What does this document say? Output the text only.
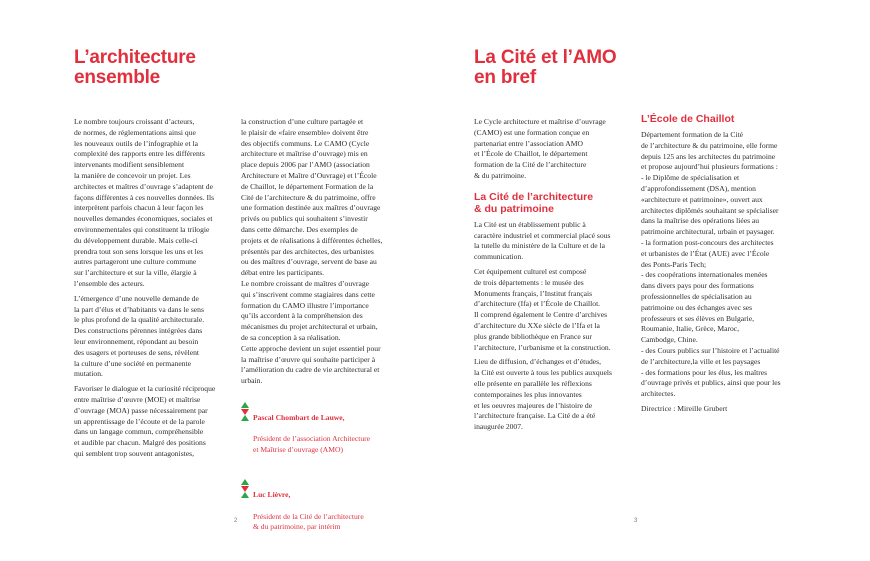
L’architecture
ensemble

Le nombre toujours croissant d’acteurs,
de normes, de réglementations ainsi que
les nouveaux outils de l’infographie et la
complexité des rapports entre les différents
intervenants modifient sensiblement
la manière de concevoir un projet. Les
architectes et maîtres d’ouvrage s’adaptent de
façons différentes à ces nouvelles données. Ils
interprètent parfois chacun à leur façon les
nouvelles demandes économiques, sociales et
environnementales qui constituent la trilogie
du développement durable. Mais celle-ci
prendra tout son sens lorsque les uns et les
autres partageront une culture commune
sur l’architecture et sur la ville, élargie à
l’ensemble des acteurs.

L’émergence d’une nouvelle demande de
la part d’élus et d’habitants va dans le sens
le plus profond de la qualité architecturale.
Des constructions pérennes intégrées dans
leur environnement, répondant au besoin
des usagers et porteuses de sens, révèlent
la culture d’une société en permanente
mutation.

Favoriser le dialogue et la curiosité réciproque
entre maîtrise d’œuvre (MOE) et maîtrise
d’ouvrage (MOA) passe nécessairement par
un apprentissage de l’écoute et de la parole
dans un langage commun, compréhensible
et audible par chacun. Malgré des positions
qui semblent trop souvent antagonistes,

la construction d’une culture partagée et
le plaisir de «faire ensemble» doivent être
des objectifs communs. Le CAMO (Cycle
architecture et maîtrise d’ouvrage) mis en
place depuis 2006 par l’AMO (association
Architecture et Maître d’Ouvrage) et l’École
de Chaillot, le département Formation de la
Cité de l’architecture & du patrimoine, offre
une formation destinée aux maîtres d’ouvrage
privés ou publics qui souhaitent s’investir
dans cette démarche. Des exemples de
projets et de réalisations à différentes échelles,
présentés par des architectes, des urbanistes
ou des maîtres d’ouvrage, servent de base au
débat entre les participants.
Le nombre croissant de maîtres d’ouvrage
qui s’inscrivent comme stagiaires dans cette
formation du CAMO illustre l’importance
qu’ils accordent à la compréhension des
mécanismes du projet architectural et urbain,
de sa conception à sa réalisation.
Cette approche devient un sujet essentiel pour
la maîtrise d’œuvre qui souhaite participer à
l’amélioration du cadre de vie architectural et
urbain.

Pascal Chombart de Lauwe,

Président de l’association Architecture
et Maîtrise d’ouvrage (AMO)

Luc Lièvre,

Président de la Cité de l’architecture
& du patrimoine, par intérim

2
La Cité et l’AMO
en bref

Le Cycle architecture et maîtrise d’ouvrage
(CAMO) est une formation conçue en
partenariat entre l’association AMO
et l’École de Chaillot, le département
formation de la Cité de l’architecture
& du patrimoine.

La Cité de l’architecture
& du patrimoine

La Cité est un établissement public à
caractère industriel et commercial placé sous
la tutelle du ministère de la Culture et de la
communication.

Cet équipement culturel est composé
de trois départements : le musée des
Monuments français, l’Institut français
d’architecture (Ifa) et l’École de Chaillot.
Il comprend également le Centre d’archives
d’architecture du XXe siècle de l’Ifa et la
plus grande bibliothèque en France sur
l’architecture, l’urbanisme et la construction.

Lieu de diffusion, d’échanges et d’études,
la Cité est ouverte à tous les publics auxquels
elle présente en parallèle les réflexions
contemporaines les plus innovantes
et les oeuvres majeures de l’histoire de
l’architecture française. La Cité de a été
inaugurée 2007.

L’École de Chaillot

Département formation de la Cité
de l’architecture & du patrimoine, elle forme
depuis 125 ans les architectes du patrimoine
et propose aujourd’hui plusieurs formations :
- le Diplôme de spécialisation et
d’approfondissement (DSA), mention
«architecture et patrimoine», ouvert aux
architectes diplômés souhaitant se spécialiser
dans la maîtrise des opérations liées au
patrimoine architectural, urbain et paysager.
- la formation post-concours des architectes
et urbanistes de l’État (AUE) avec l’École
des Ponts-Paris Tech;
- des coopérations internationales menées
dans divers pays pour des formations
professionnelles de spécialisation au
patrimoine ou des échanges avec ses
professeurs et ses élèves en Bulgarie,
Roumanie, Italie, Grèce, Maroc,
Cambodge, Chine.
- des Cours publics sur l’histoire et l’actualité
de l’architecture,la ville et les paysages
- des formations pour les élus, les maîtres
d’ouvrage privés et publics, ainsi que pour les
architectes.

Directrice : Mireille Grubert

3
